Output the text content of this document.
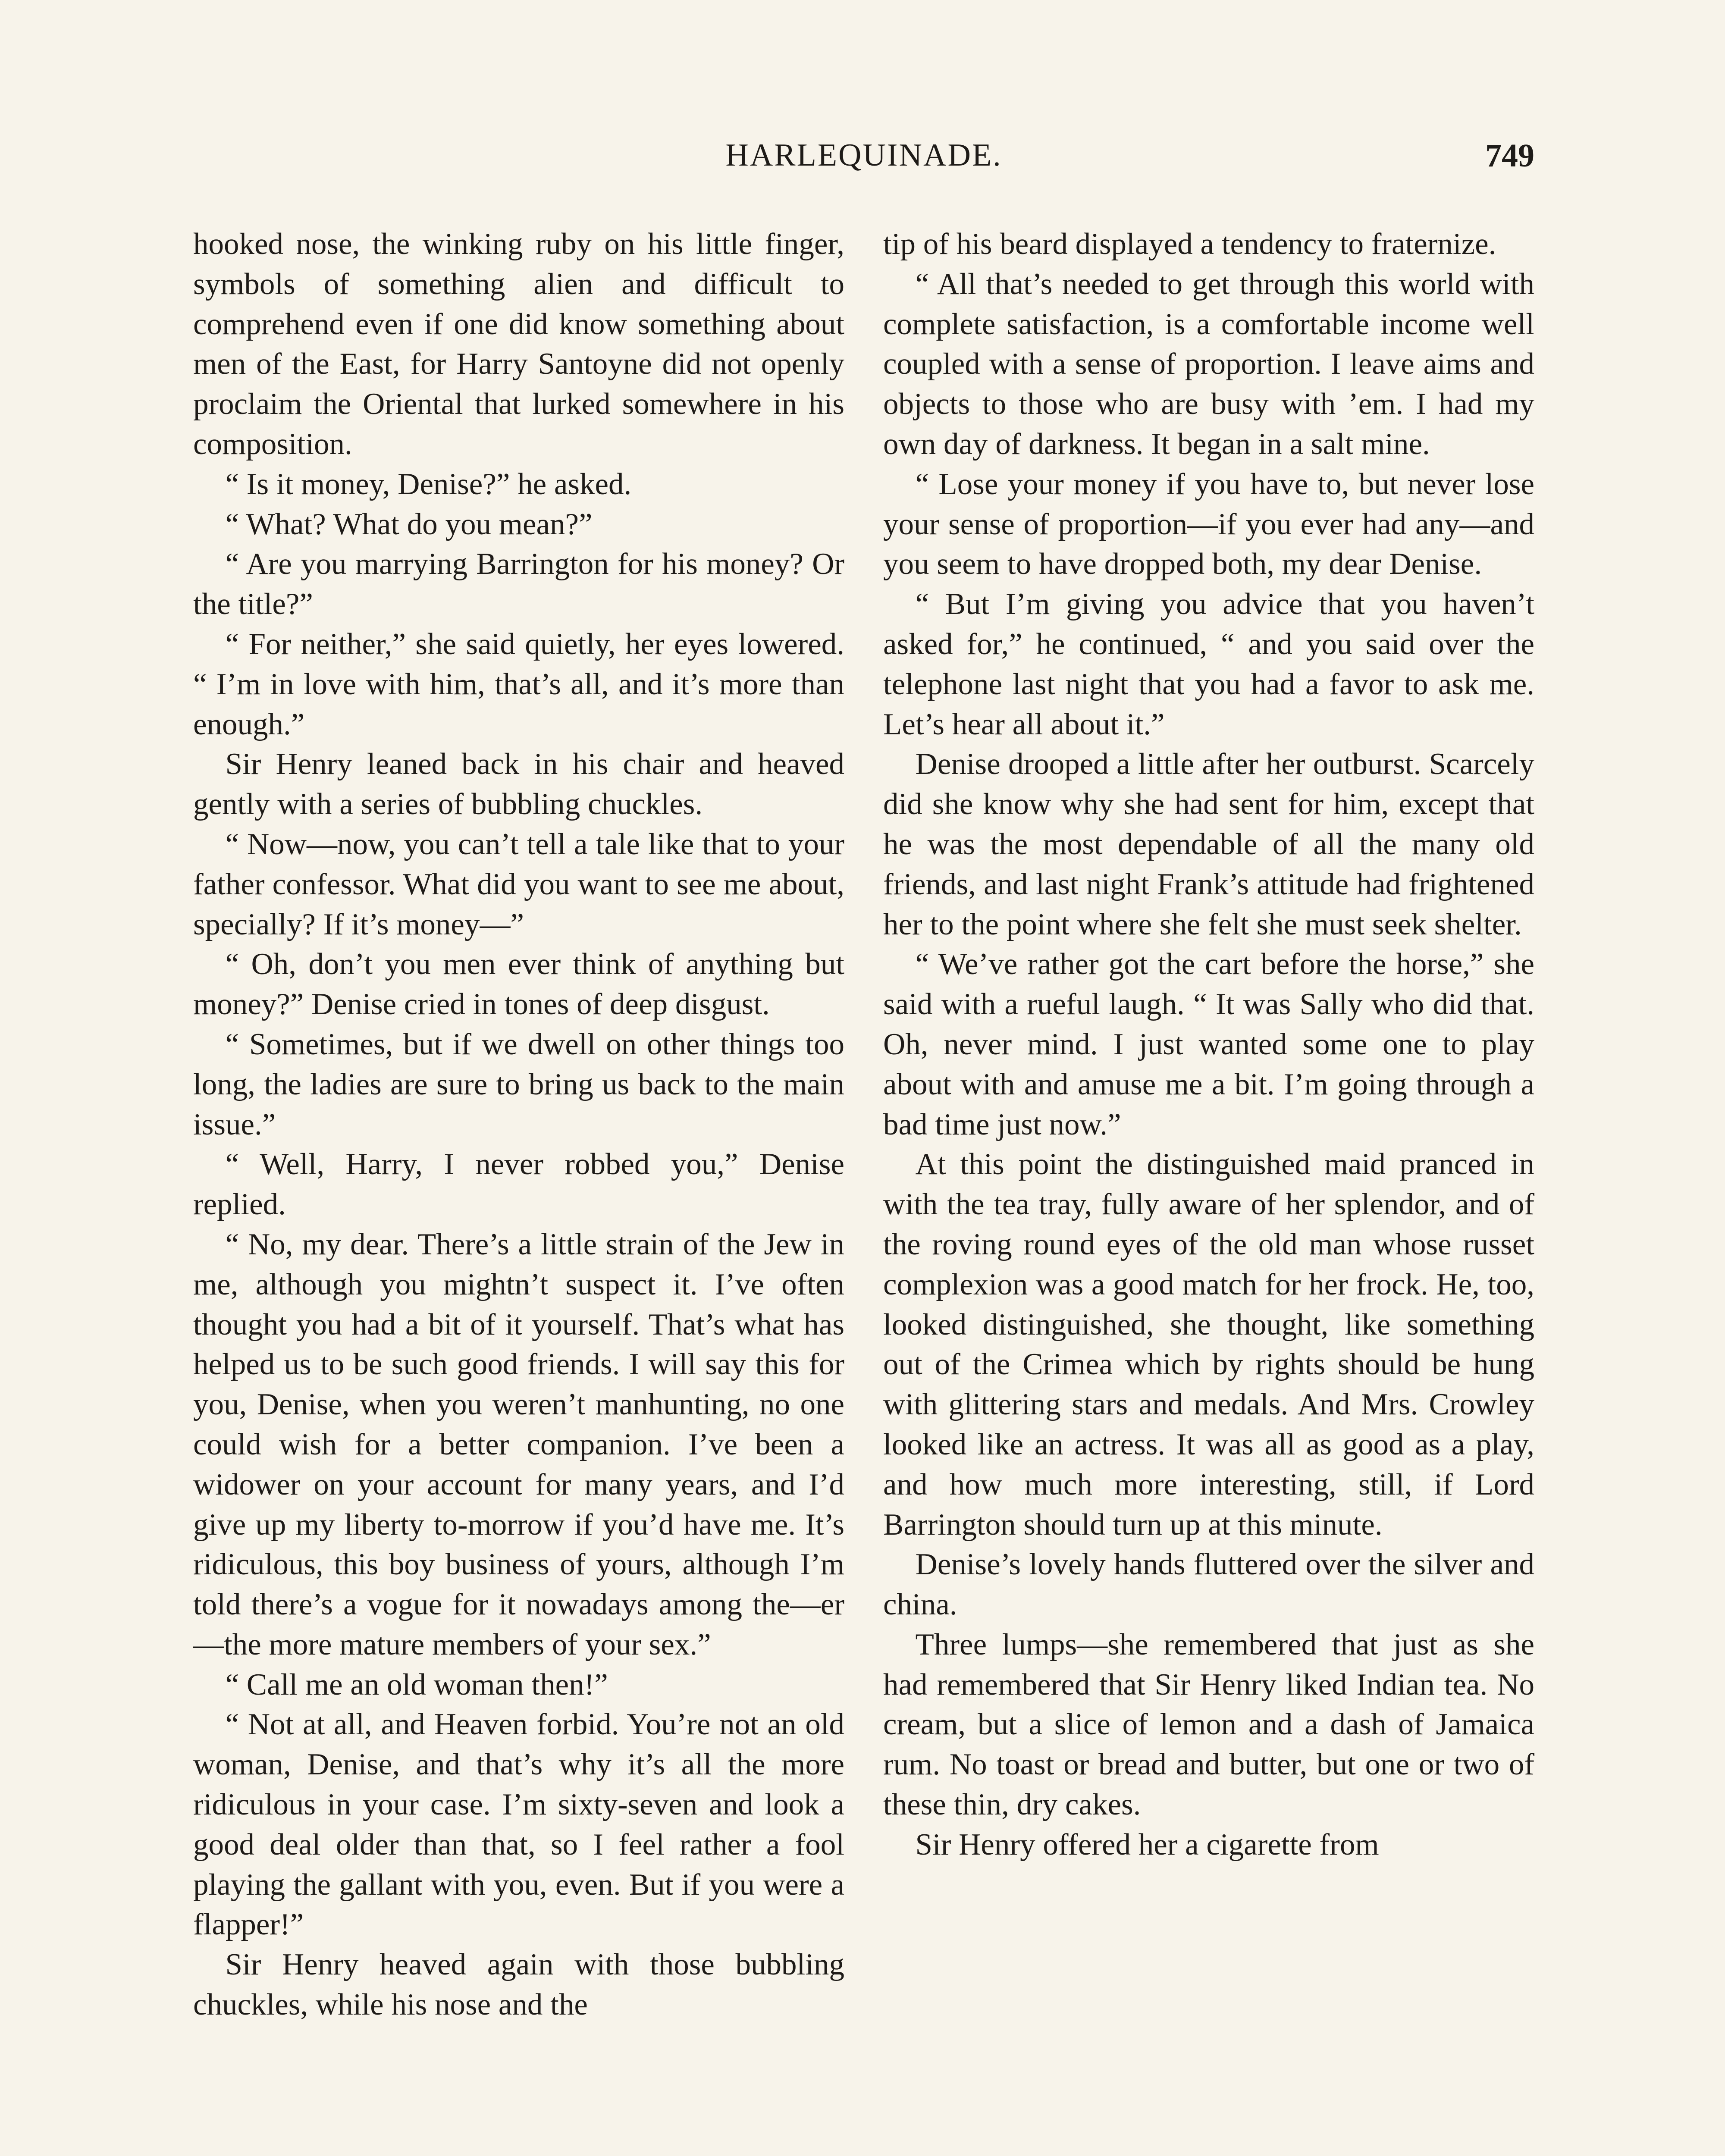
HARLEQUINADE.	749

hooked nose, the winking ruby on his little finger, symbols of something alien and difficult to comprehend even if one did know something about men of the East, for Harry Santoyne did not openly proclaim the Oriental that lurked somewhere in his composition.

“ Is it money, Denise?” he asked.

“ What? What do you mean?”

“ Are you marrying Barrington for his money? Or the title?”

“ For neither,” she said quietly, her eyes lowered. “ I’m in love with him, that’s all, and it’s more than enough.”

Sir Henry leaned back in his chair and heaved gently with a series of bubbling chuckles.

“ Now—now, you can’t tell a tale like that to your father confessor. What did you want to see me about, specially? If it’s money—”

“ Oh, don’t you men ever think of anything but money?” Denise cried in tones of deep disgust.

“ Sometimes, but if we dwell on other things too long, the ladies are sure to bring us back to the main issue.”

“ Well, Harry, I never robbed you,” Denise replied.

“ No, my dear. There’s a little strain of the Jew in me, although you mightn’t suspect it. I’ve often thought you had a bit of it yourself. That’s what has helped us to be such good friends. I will say this for you, Denise, when you weren’t manhunting, no one could wish for a better companion. I’ve been a widower on your account for many years, and I’d give up my liberty to-morrow if you’d have me. It’s ridiculous, this boy business of yours, although I’m told there’s a vogue for it nowadays among the—er—the more mature members of your sex.”

“ Call me an old woman then!”

“ Not at all, and Heaven forbid. You’re not an old woman, Denise, and that’s why it’s all the more ridiculous in your case. I’m sixty-seven and look a good deal older than that, so I feel rather a fool playing the gallant with you, even. But if you were a flapper!”

Sir Henry heaved again with those bubbling chuckles, while his nose and the

tip of his beard displayed a tendency to fraternize.

“ All that’s needed to get through this world with complete satisfaction, is a comfortable income well coupled with a sense of proportion. I leave aims and objects to those who are busy with ’em. I had my own day of darkness. It began in a salt mine.

“ Lose your money if you have to, but never lose your sense of proportion—if you ever had any—and you seem to have dropped both, my dear Denise.

“ But I’m giving you advice that you haven’t asked for,” he continued, “ and you said over the telephone last night that you had a favor to ask me. Let’s hear all about it.”

Denise drooped a little after her outburst. Scarcely did she know why she had sent for him, except that he was the most dependable of all the many old friends, and last night Frank’s attitude had frightened her to the point where she felt she must seek shelter.

“ We’ve rather got the cart before the horse,” she said with a rueful laugh. “ It was Sally who did that. Oh, never mind. I just wanted some one to play about with and amuse me a bit. I’m going through a bad time just now.”

At this point the distinguished maid pranced in with the tea tray, fully aware of her splendor, and of the roving round eyes of the old man whose russet complexion was a good match for her frock. He, too, looked distinguished, she thought, like something out of the Crimea which by rights should be hung with glittering stars and medals. And Mrs. Crowley looked like an actress. It was all as good as a play, and how much more interesting, still, if Lord Barrington should turn up at this minute.

Denise’s lovely hands fluttered over the silver and china.

Three lumps—she remembered that just as she had remembered that Sir Henry liked Indian tea. No cream, but a slice of lemon and a dash of Jamaica rum. No toast or bread and butter, but one or two of these thin, dry cakes.

Sir Henry offered her a cigarette from
